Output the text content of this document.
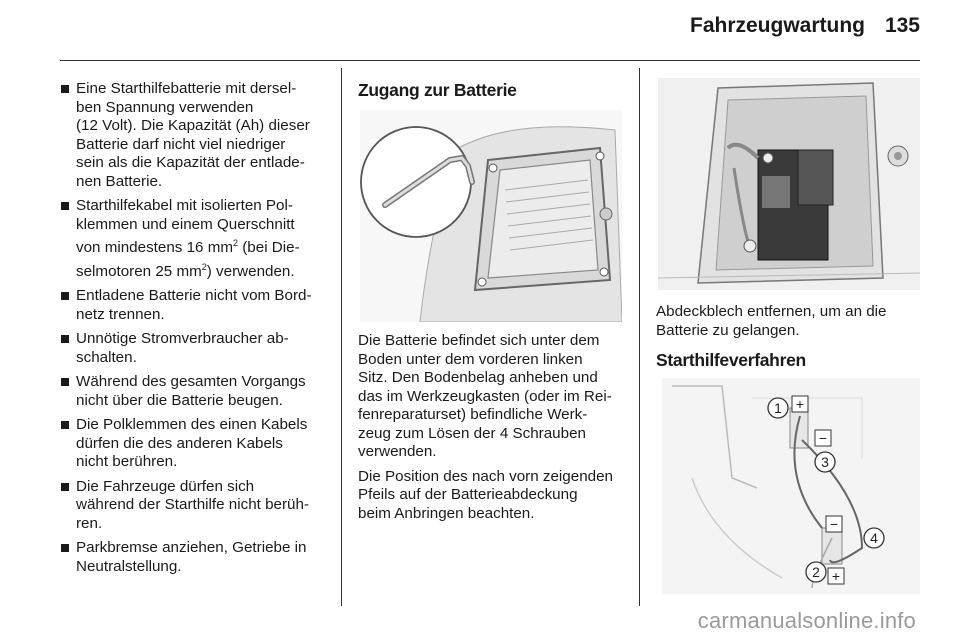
Fahrzeugwartung 135
Eine Starthilfebatterie mit dersel-
ben Spannung verwenden
(12 Volt). Die Kapazität (Ah) dieser
Batterie darf nicht viel niedriger
sein als die Kapazität der entlade-
nen Batterie.
Starthilfekabel mit isolierten Pol-
klemmen und einem Querschnitt
von mindestens 16 $mm^2$ (bei Die-
selmotoren 25 $mm^2$) verwenden.
Entladene Batterie nicht vom Bord-
netz trennen.
Unnötige Stromverbraucher ab-
schalten.
Während des gesamten Vorgangs
nicht über die Batterie beugen.
Die Polklemmen des einen Kabels
dürfen die des anderen Kabels
nicht berühren.
Die Fahrzeuge dürfen sich
während der Starthilfe nicht berüh-
ren.
Parkbremse anziehen, Getriebe in
Neutralstellung.
Zugang zur Batterie

Die Batterie befindet sich unter dem
Boden unter dem vorderen linken
Sitz. Den Bodenbelag anheben und
das im Werkzeugkasten (oder im Rei-
fenreparaturset) befindliche Werk-
zeug zum Lösen der 4 Schrauben
verwenden.

Die Position des nach vorn zeigenden
Pfeils auf der Batterieabdeckung
beim Anbringen beachten.

Abdeckblech entfernen, um an die
Batterie zu gelangen.

Starthilfeverfahren
1 +
−
3
−
4
2 +
carmanualsonline.info
